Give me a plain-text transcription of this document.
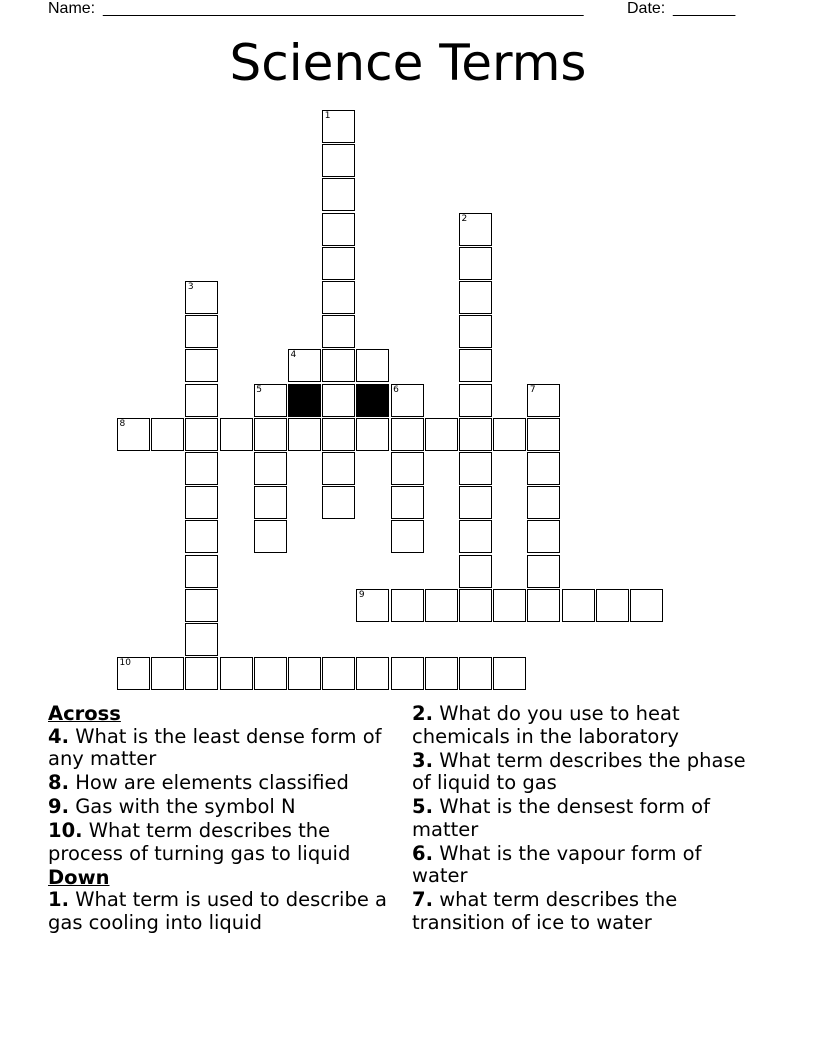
Name: ______________________________________________________	Date: _______
Science Terms
1
2
3
4
5	6	7
8
9
10
Across
4. What is the least dense form of any matter
8. How are elements classified
9. Gas with the symbol N
10. What term describes the process of turning gas to liquid
Down
1. What term is used to describe a gas cooling into liquid
2. What do you use to heat chemicals in the laboratory
3. What term describes the phase of liquid to gas
5. What is the densest form of matter
6. What is the vapour form of water
7. what term describes the transition of ice to water
